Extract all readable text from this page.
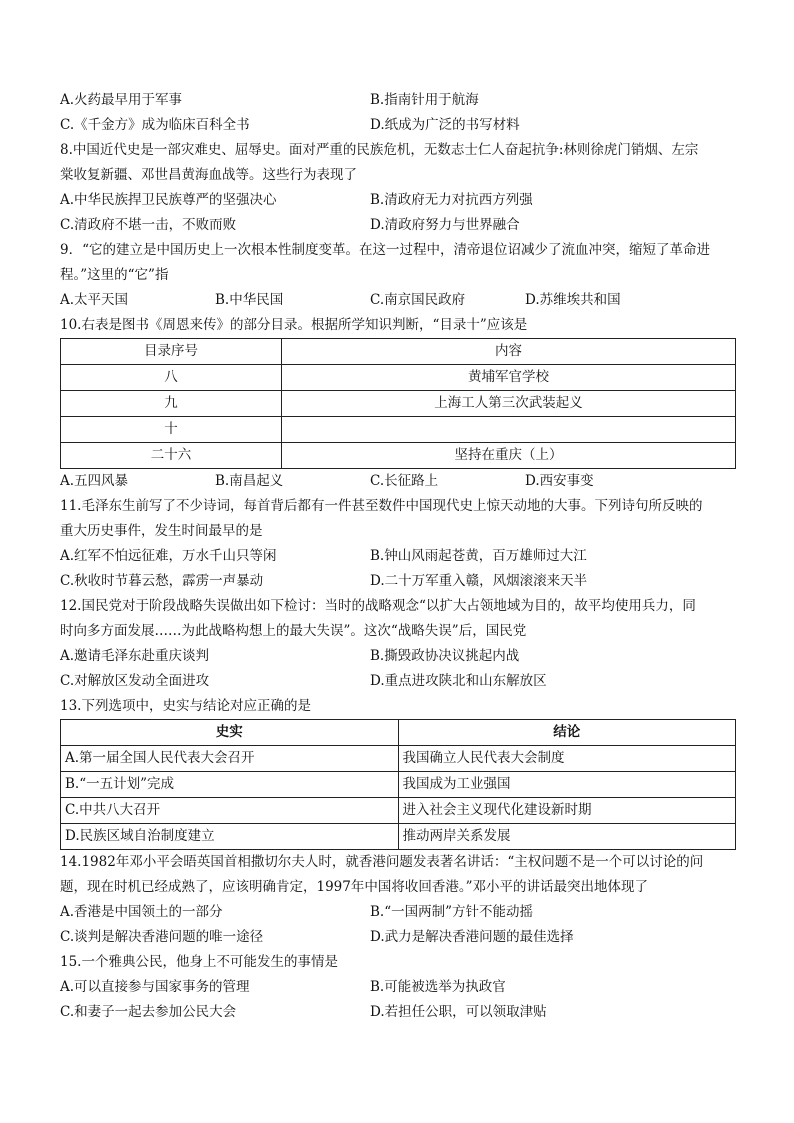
A.火药最早用于军事	B.指南针用于航海
C.《千金方》成为临床百科全书	D.纸成为广泛的书写材料
8.中国近代史是一部灾难史、屈辱史。面对严重的民族危机，无数志士仁人奋起抗争:林则徐虎门销烟、左宗
棠收复新疆、邓世昌黄海血战等。这些行为表现了
A.中华民族捍卫民族尊严的坚强决心	B.清政府无力对抗西方列强
C.清政府不堪一击，不败而败	D.清政府努力与世界融合
9．“它的建立是中国历史上一次根本性制度变革。在这一过程中，清帝退位诏减少了流血冲突，缩短了革命进
程。”这里的“它”指
A.太平天国	B.中华民国	C.南京国民政府	D.苏维埃共和国
10.右表是图书《周恩来传》的部分目录。根据所学知识判断，“目录十”应该是
目录序号	内容
八	黄埔军官学校
九	上海工人第三次武装起义
十	
二十六	坚持在重庆（上）
A.五四风暴	B.南昌起义	C.长征路上	D.西安事变
11.毛泽东生前写了不少诗词，每首背后都有一件甚至数件中国现代史上惊天动地的大事。下列诗句所反映的
重大历史事件，发生时间最早的是
A.红军不怕远征难，万水千山只等闲	B.钟山风雨起苍黄，百万雄师过大江
C.秋收时节暮云愁，霹雳一声暴动	D.二十万军重入赣，风烟滚滚来天半
12.国民党对于阶段战略失误做出如下检讨：当时的战略观念“以扩大占领地域为目的，故平均使用兵力，同
时向多方面发展……为此战略构想上的最大失误”。这次“战略失误”后，国民党
A.邀请毛泽东赴重庆谈判	B.撕毁政协决议挑起内战
C.对解放区发动全面进攻	D.重点进攻陕北和山东解放区
13.下列选项中，史实与结论对应正确的是
史实	结论
A.第一届全国人民代表大会召开	我国确立人民代表大会制度
B.“一五计划”完成	我国成为工业强国
C.中共八大召开	进入社会主义现代化建设新时期
D.民族区域自治制度建立	推动两岸关系发展
14.1982年邓小平会晤英国首相撒切尔夫人时，就香港问题发表著名讲话：“主权问题不是一个可以讨论的问
题，现在时机已经成熟了，应该明确肯定，1997年中国将收回香港。”邓小平的讲话最突出地体现了
A.香港是中国领土的一部分	B.“一国两制”方针不能动摇
C.谈判是解决香港问题的唯一途径	D.武力是解决香港问题的最佳选择
15.一个雅典公民，他身上不可能发生的事情是
A.可以直接参与国家事务的管理	B.可能被选举为执政官
C.和妻子一起去参加公民大会	D.若担任公职，可以领取津贴
